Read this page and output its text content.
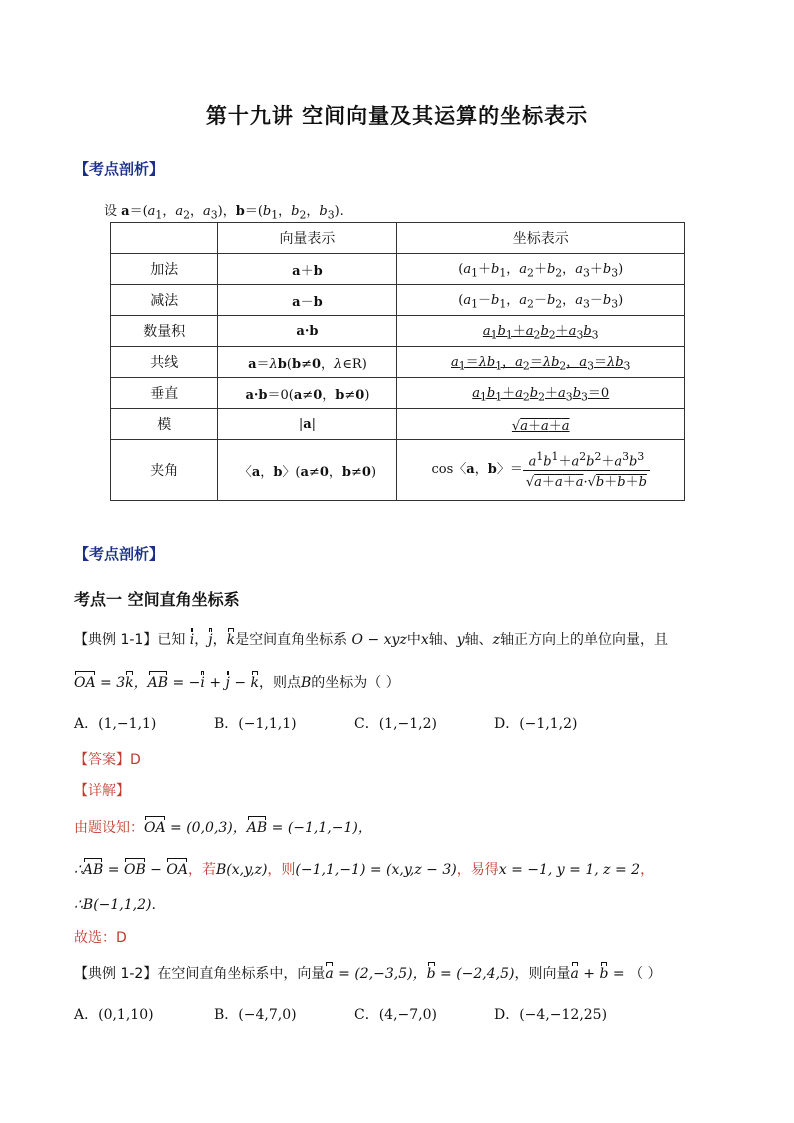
第十九讲 空间向量及其运算的坐标表示
【考点剖析】
设 $a=(a_1$，$a_2$，$a_3$)，$b=(b_1$，$b_2$，$b_3$).
	向量表示	坐标表示
加法	a＋b	($a_1+b_1$，$a_2+b_2$，$a_3+b_3$)
减法	a－b	($a_1-b_1$，$a_2-b_2$，$a_3-b_3$)
数量积	a·b	$a_1b_1+a_2b_2+a_3b_3$
共线	a＝λb(b≠0，λ∈R)	$a_1=\lambda b_1$，$a_2=\lambda b_2$，$a_3=\lambda b_3$
垂直	a·b＝0(a≠0，b≠0)	$a_1b_1+a_2b_2+a_3b_3=0$
模	|a|	√a＋a＋a
夹角	〈a，b〉(a≠0，b≠0)	cos〈a，b〉＝ $\frac{a^1b^1+a^2b^2+a^3b^3}{√a+a+a\cdot√b+b+b}$
【考点剖析】
考点一 空间直角坐标系
【典例 1-1】已知 i，j，k是空间直角坐标系 O − xyz中x轴、y轴、z轴正方向上的单位向量，且
OA = 3k，AB = −i + j − k，则点B的坐标为（ ）
A．(1,−1,1)	B．(−1,1,1)	C．(1,−1,2)	D．(−1,1,2)
【答案】D
【详解】
由题设知：OA = (0,0,3)，AB = (−1,1,−1)，
∴AB = OB − OA，若B(x,y,z)，则(−1,1,−1) = (x,y,z − 3)，易得x = −1, y = 1, z = 2，
∴B(−1,1,2).
故选：D
【典例 1-2】在空间直角坐标系中，向量a = (2,−3,5)，b = (−2,4,5)，则向量a + b = （ ）
A．(0,1,10)	B．(−4,7,0)	C．(4,−7,0)	D．(−4,−12,25)
